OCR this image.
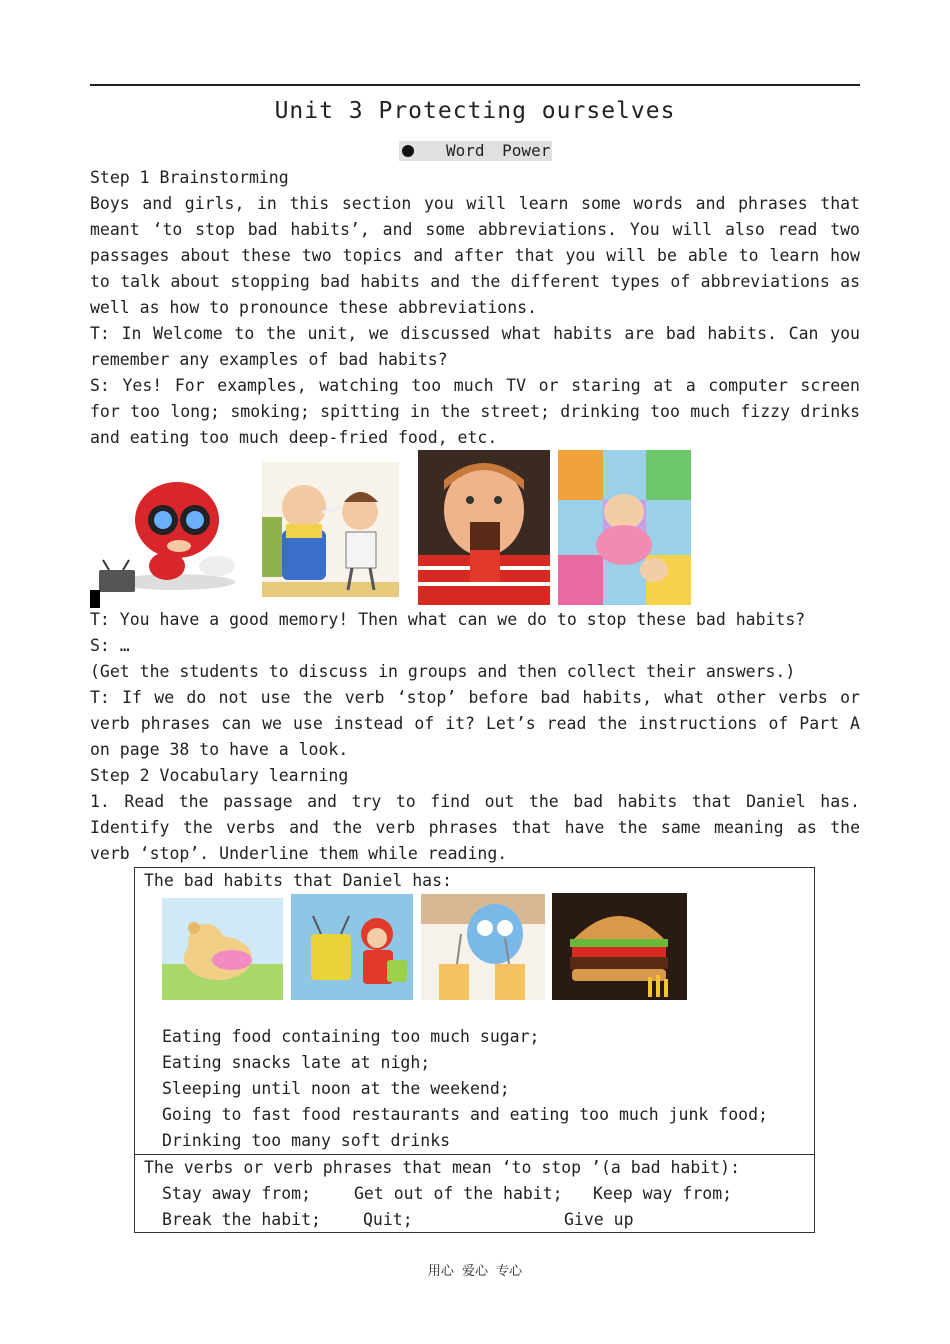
Unit 3 Protecting ourselves
Word Power

Step 1 Brainstorming

Boys and girls, in this section you will learn some words and phrases that meant ‘to stop bad habits’, and some abbreviations. You will also read two passages about these two topics and after that you will be able to learn how to talk about stopping bad habits and the different types of abbreviations as well as how to pronounce these abbreviations.

T: In Welcome to the unit, we discussed what habits are bad habits. Can you remember any examples of bad habits?

S: Yes! For examples, watching too much TV or staring at a computer screen for too long; smoking; spitting in the street; drinking too much fizzy drinks and eating too much deep-fried food, etc.

T: You have a good memory! Then what can we do to stop these bad habits?

S: …

(Get the students to discuss in groups and then collect their answers.)

T: If we do not use the verb ‘stop’ before bad habits, what other verbs or verb phrases can we use instead of it? Let’s read the instructions of Part A on page 38 to have a look.

Step 2 Vocabulary learning

1. Read the passage and try to find out the bad habits that Daniel has. Identify the verbs and the verb phrases that have the same meaning as the verb ‘stop’. Underline them while reading.

The bad habits that Daniel has:
Eating food containing too much sugar;
Eating snacks late at nigh;
Sleeping until noon at the weekend;
Going to fast food restaurants and eating too much junk food;
Drinking too many soft drinks
The verbs or verb phrases that mean ‘to stop ’(a bad habit):
Stay away from;	Get out of the habit; Keep way from;
Break the habit;	Quit;	Give up
用心 爱心 专心
